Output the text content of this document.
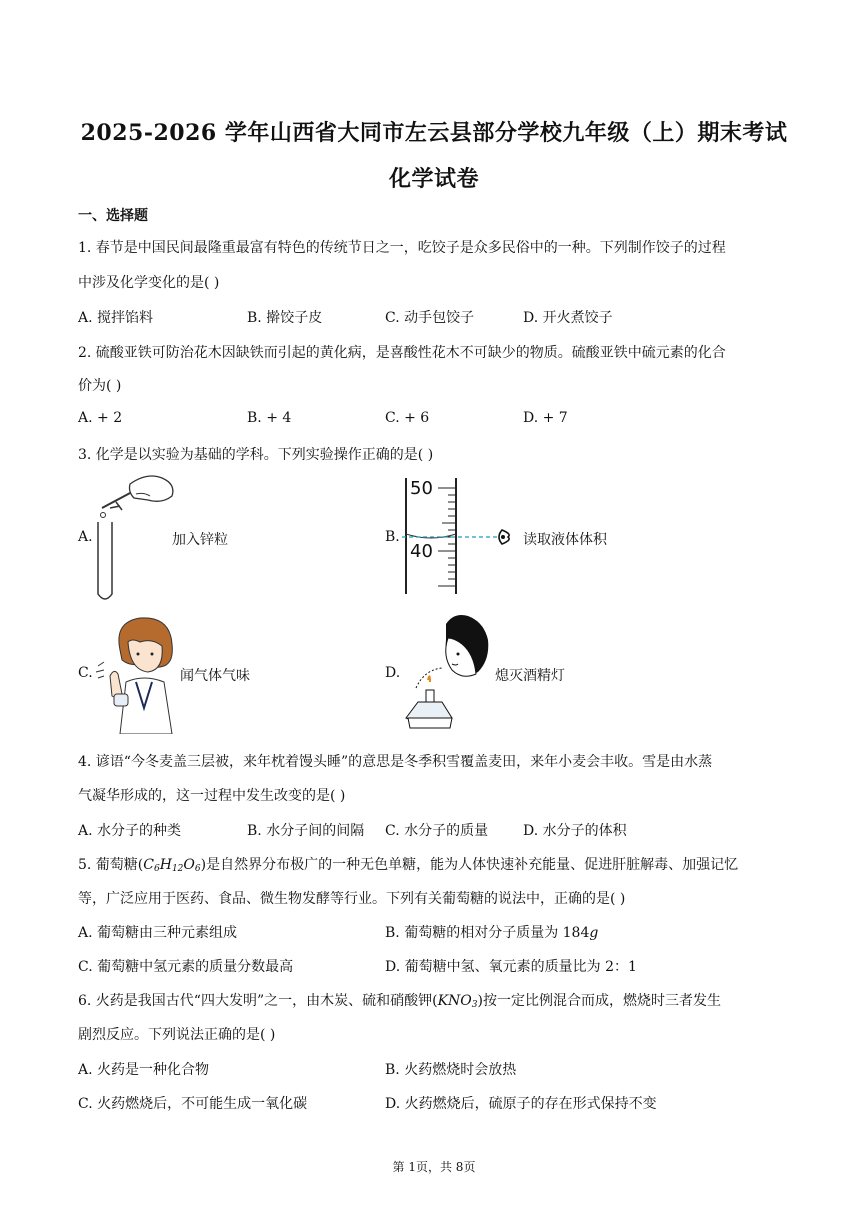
2025-2026 学年山西省大同市左云县部分学校九年级（上）期末考试
化学试卷
一、选择题
1. 春节是中国民间最隆重最富有特色的传统节日之一，吃饺子是众多民俗中的一种。下列制作饺子的过程
中涉及化学变化的是( )
A. 搅拌馅料	B. 擀饺子皮	C. 动手包饺子	D. 开火煮饺子
2. 硫酸亚铁可防治花木因缺铁而引起的黄化病，是喜酸性花木不可缺少的物质。硫酸亚铁中硫元素的化合
价为( )
A. + 2	B. + 4	C. + 6	D. + 7
3. 化学是以实验为基础的学科。下列实验操作正确的是( )
A.	加入锌粒	B.
50
40
读取液体体积
C.	闻气体气味	D.	熄灭酒精灯
4. 谚语“今冬麦盖三层被，来年枕着馒头睡”的意思是冬季积雪覆盖麦田，来年小麦会丰收。雪是由水蒸
气凝华形成的，这一过程中发生改变的是( )
A. 水分子的种类	B. 水分子间的间隔 C. 水分子的质量 D. 水分子的体积
5. 葡萄糖$(C_6H_{12}O_6)$是自然界分布极广的一种无色单糖，能为人体快速补充能量、促进肝脏解毒、加强记忆
等，广泛应用于医药、食品、微生物发酵等行业。下列有关葡萄糖的说法中，正确的是( )
A. 葡萄糖由三种元素组成	B. 葡萄糖的相对分子质量为 184g
C. 葡萄糖中氢元素的质量分数最高	D. 葡萄糖中氢、氧元素的质量比为 2：1
6. 火药是我国古代“四大发明”之一，由木炭、硫和硝酸钾$(KNO_3)$按一定比例混合而成，燃烧时三者发生
剧烈反应。下列说法正确的是( )
A. 火药是一种化合物	B. 火药燃烧时会放热
C. 火药燃烧后，不可能生成一氧化碳	D. 火药燃烧后，硫原子的存在形式保持不变
第 1页，共 8页
